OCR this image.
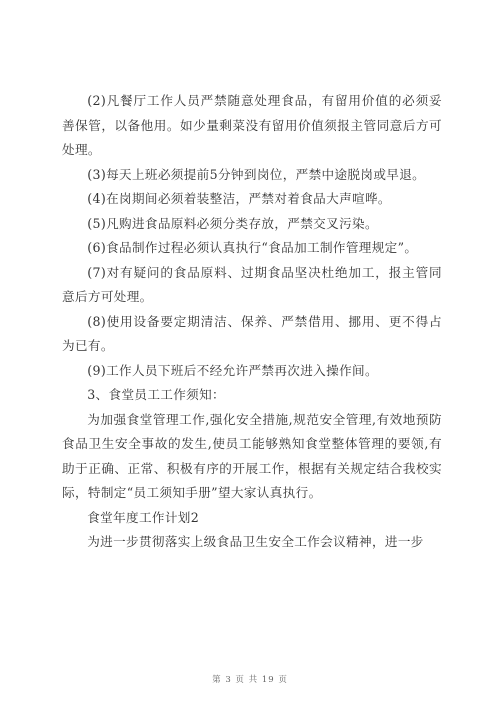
(2)凡餐厅工作人员严禁随意处理食品，有留用价值的必须妥善保管，以备他用。如少量剩菜没有留用价值须报主管同意后方可处理。

(3)每天上班必须提前5分钟到岗位，严禁中途脱岗或早退。

(4)在岗期间必须着装整洁，严禁对着食品大声喧哗。

(5)凡购进食品原料必须分类存放，严禁交叉污染。

(6)食品制作过程必须认真执行“食品加工制作管理规定”。

(7)对有疑问的食品原料、过期食品坚决杜绝加工，报主管同意后方可处理。

(8)使用设备要定期清洁、保养、严禁借用、挪用、更不得占为已有。

(9)工作人员下班后不经允许严禁再次进入操作间。

3、食堂员工工作须知：

为加强食堂管理工作,强化安全措施,规范安全管理,有效地预防食品卫生安全事故的发生,使员工能够熟知食堂整体管理的要领,有助于正确、正常、积极有序的开展工作，根据有关规定结合我校实际，特制定“员工须知手册”望大家认真执行。

食堂年度工作计划2

为进一步贯彻落实上级食品卫生安全工作会议精神，进一步

第 3 页 共 19 页
